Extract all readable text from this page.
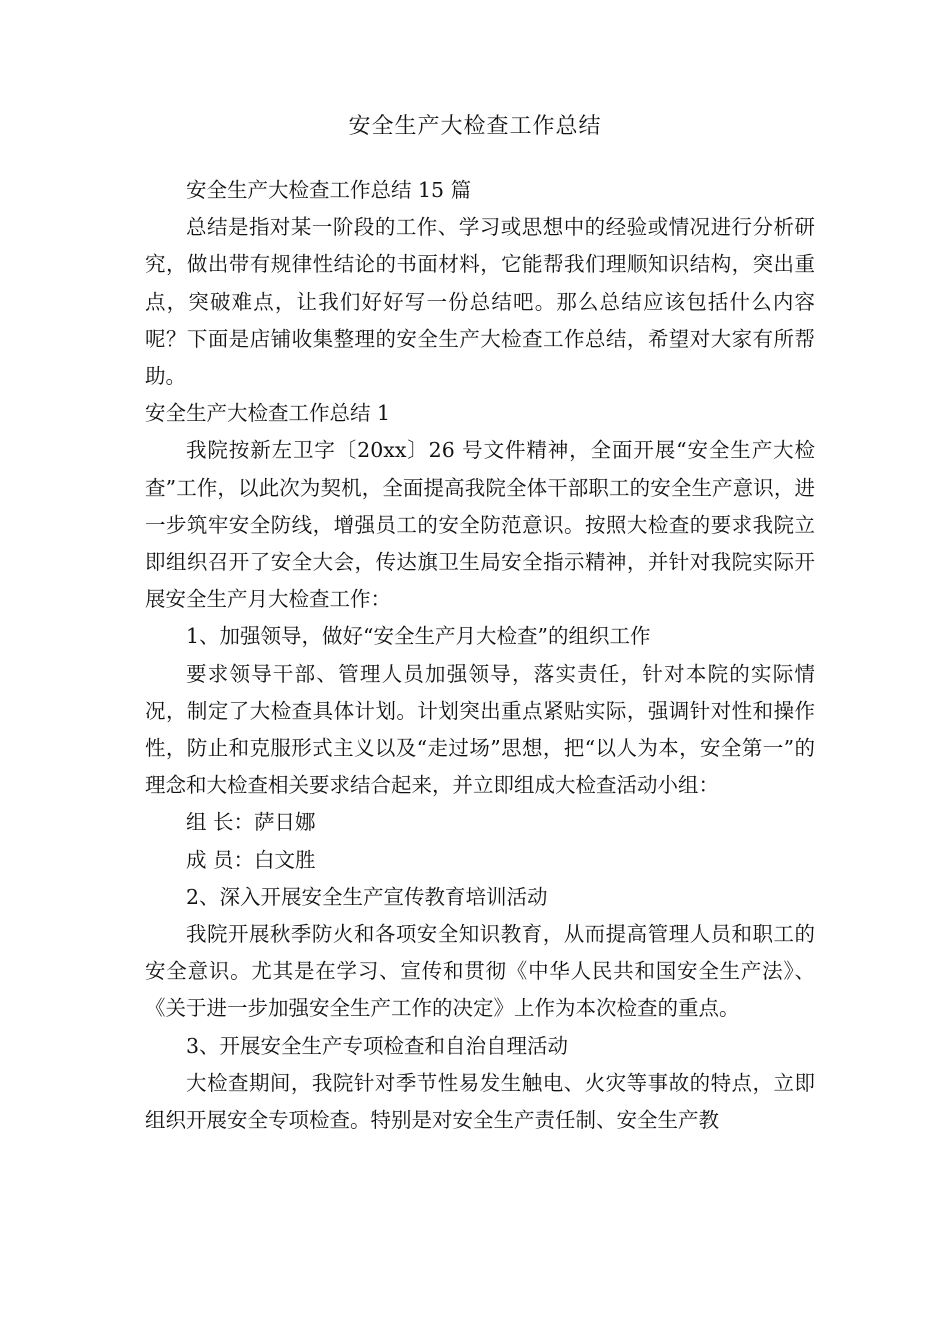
安全生产大检查工作总结

安全生产大检查工作总结 15 篇

总结是指对某一阶段的工作、学习或思想中的经验或情况进行分析研究，做出带有规律性结论的书面材料，它能帮我们理顺知识结构，突出重点，突破难点，让我们好好写一份总结吧。那么总结应该包括什么内容呢？下面是店铺收集整理的安全生产大检查工作总结，希望对大家有所帮助。

安全生产大检查工作总结 1

我院按新左卫字〔20xx〕26 号文件精神，全面开展“安全生产大检查”工作，以此次为契机，全面提高我院全体干部职工的安全生产意识，进一步筑牢安全防线，增强员工的安全防范意识。按照大检查的要求我院立即组织召开了安全大会，传达旗卫生局安全指示精神，并针对我院实际开展安全生产月大检查工作：

1、加强领导，做好“安全生产月大检查”的组织工作

要求领导干部、管理人员加强领导，落实责任，针对本院的实际情况，制定了大检查具体计划。计划突出重点紧贴实际，强调针对性和操作性，防止和克服形式主义以及“走过场”思想，把“以人为本，安全第一”的理念和大检查相关要求结合起来，并立即组成大检查活动小组：

组 长：萨日娜

成 员：白文胜

2、深入开展安全生产宣传教育培训活动

我院开展秋季防火和各项安全知识教育，从而提高管理人员和职工的安全意识。尤其是在学习、宣传和贯彻《中华人民共和国安全生产法》、《关于进一步加强安全生产工作的决定》上作为本次检查的重点。

3、开展安全生产专项检查和自治自理活动

大检查期间，我院针对季节性易发生触电、火灾等事故的特点，立即组织开展安全专项检查。特别是对安全生产责任制、安全生产教
